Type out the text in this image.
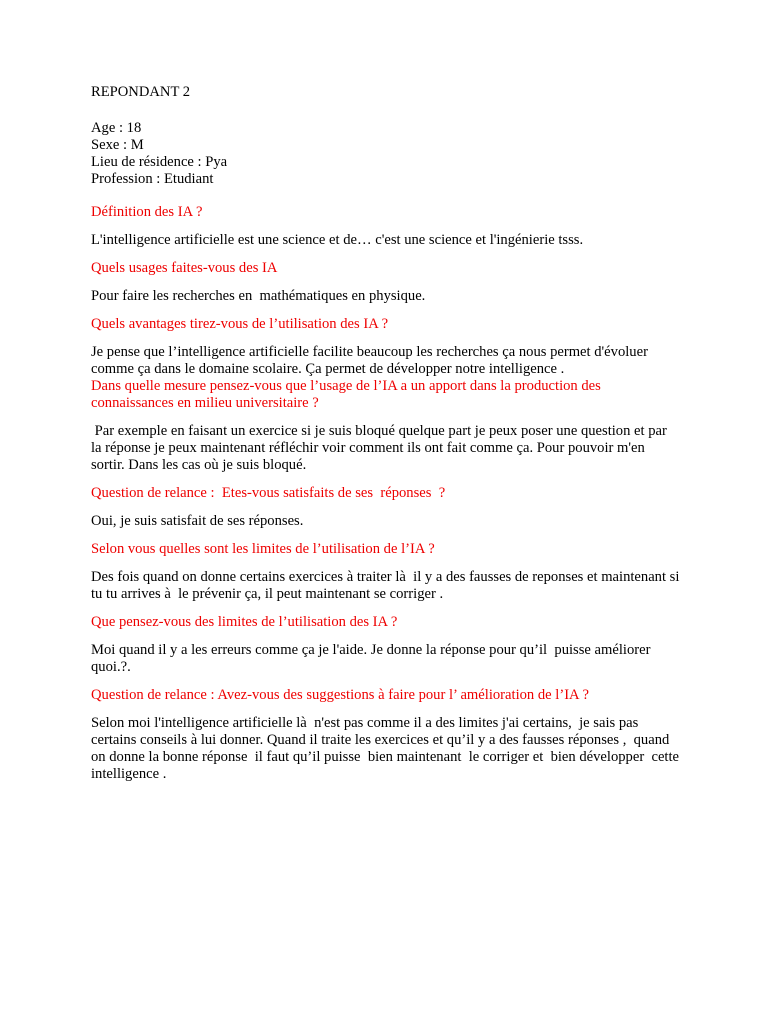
REPONDANT 2
Age : 18
Sexe : M
Lieu de résidence : Pya
Profession : Etudiant

Définition des IA ?

L'intelligence artificielle est une science et de… c'est une science et l'ingénierie tsss.

Quels usages faites-vous des IA

Pour faire les recherches en  mathématiques en physique.

Quels avantages tirez-vous de l’utilisation des IA ?

Je pense que l’intelligence artificielle facilite beaucoup les recherches ça nous permet d'évoluer comme ça dans le domaine scolaire. Ça permet de développer notre intelligence .

Dans quelle mesure pensez-vous que l’usage de l’IA a un apport dans la production des connaissances en milieu universitaire ?

Par exemple en faisant un exercice si je suis bloqué quelque part je peux poser une question et par la réponse je peux maintenant réfléchir voir comment ils ont fait comme ça. Pour pouvoir m'en sortir. Dans les cas où je suis bloqué.

Question de relance :  Etes-vous satisfaits de ses  réponses  ?

Oui, je suis satisfait de ses réponses.

Selon vous quelles sont les limites de l’utilisation de l’IA ?

Des fois quand on donne certains exercices à traiter là  il y a des fausses de reponses et maintenant si tu tu arrives à  le prévenir ça, il peut maintenant se corriger .

Que pensez-vous des limites de l’utilisation des IA ?

Moi quand il y a les erreurs comme ça je l'aide. Je donne la réponse pour qu’il  puisse améliorer quoi.?.

Question de relance : Avez-vous des suggestions à faire pour l’ amélioration de l’IA ?

Selon moi l'intelligence artificielle là  n'est pas comme il a des limites j'ai certains,  je sais pas certains conseils à lui donner. Quand il traite les exercices et qu’il y a des fausses réponses ,  quand on donne la bonne réponse  il faut qu’il puisse  bien maintenant  le corriger et  bien développer  cette  intelligence .
